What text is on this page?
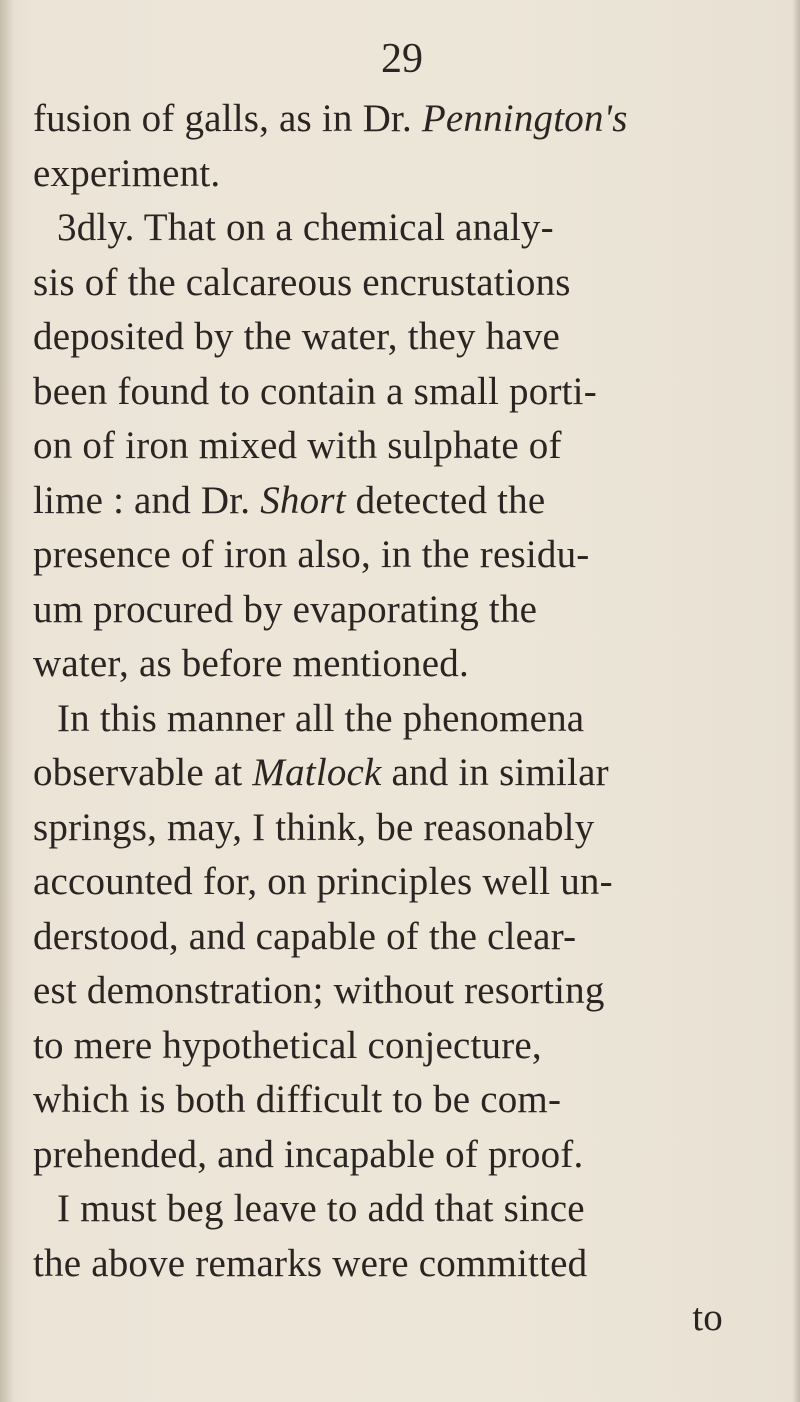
29
fusion of galls, as in Dr. Pennington's
experiment.
3dly. That on a chemical analy-
sis of the calcareous encrustations
deposited by the water, they have
been found to contain a small porti-
on of iron mixed with sulphate of
lime : and Dr. Short detected the
presence of iron also, in the residu-
um procured by evaporating the
water, as before mentioned.
In this manner all the phenomena
observable at Matlock and in similar
springs, may, I think, be reasonably
accounted for, on principles well un-
derstood, and capable of the clear-
est demonstration; without resorting
to mere hypothetical conjecture,
which is both difficult to be com-
prehended, and incapable of proof.
I must beg leave to add that since
the above remarks were committed
to
